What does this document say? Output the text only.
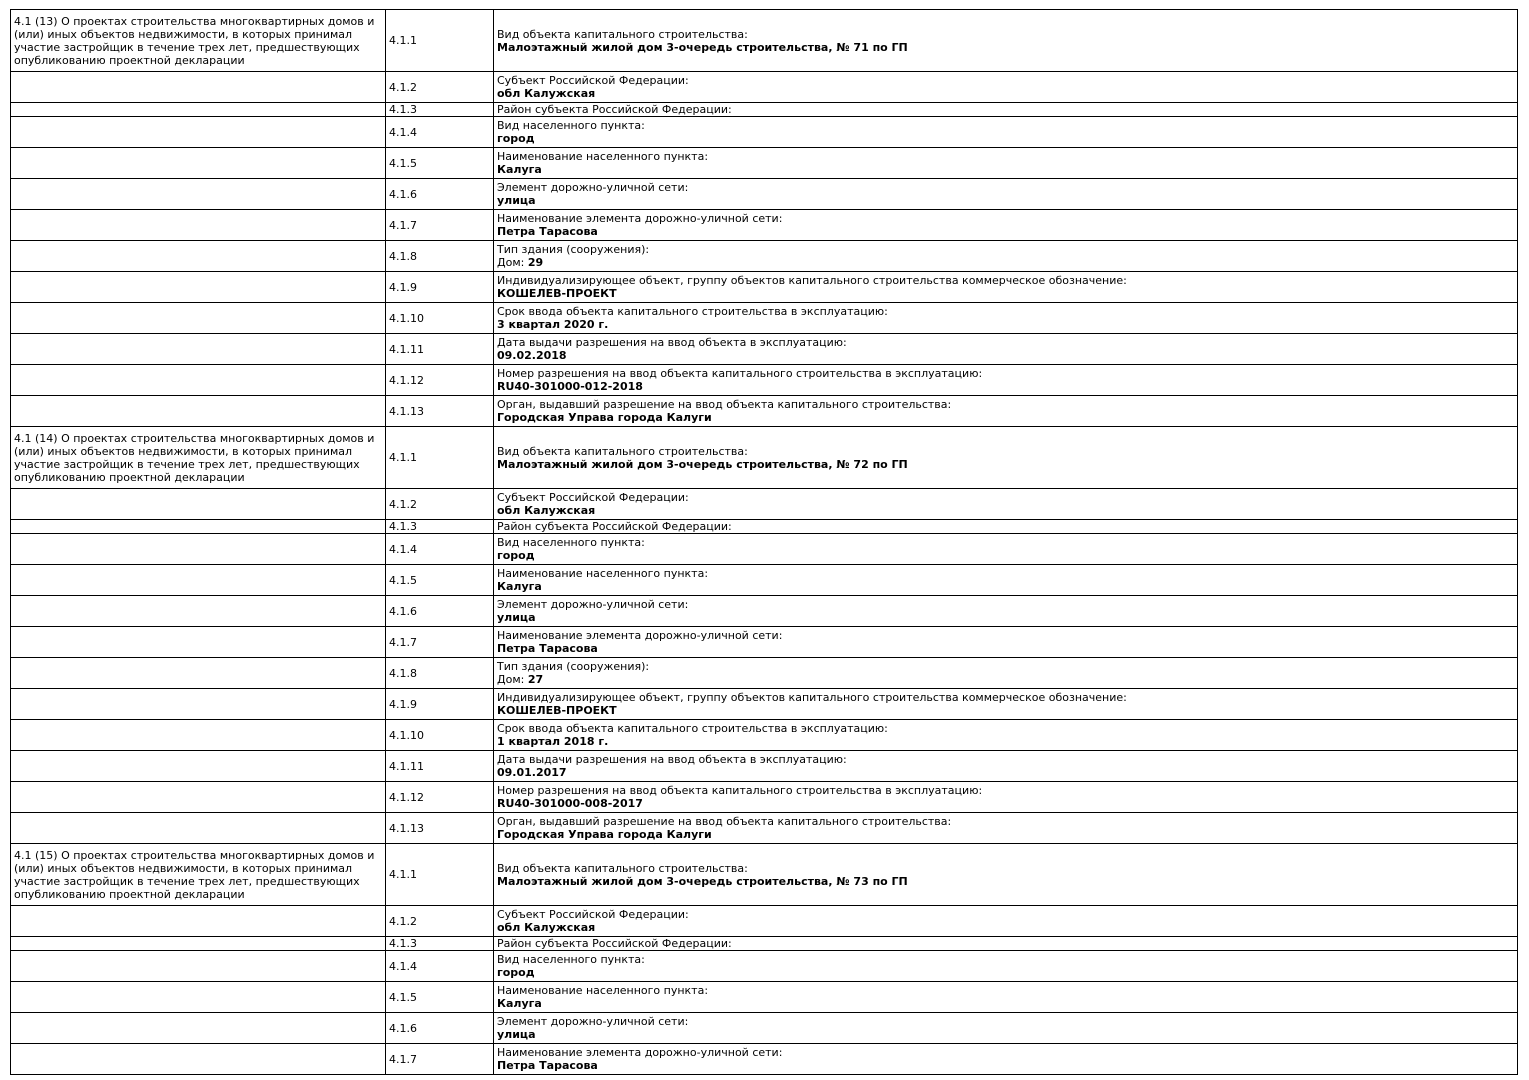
4.1 (13) О проектах строительства многоквартирных домов и (или) иных объектов недвижимости, в которых принимал участие застройщик в течение трех лет, предшествующих опубликованию проектной декларации	4.1.1	Вид объекта капитального строительства:
Малоэтажный жилой дом 3-очередь строительства, № 71 по ГП

	4.1.2	Субъект Российской Федерации:
обл Калужская

	4.1.3	Район субъекта Российской Федерации:

	4.1.4	Вид населенного пункта:
город

	4.1.5	Наименование населенного пункта:
Калуга

	4.1.6	Элемент дорожно-уличной сети:
улица

	4.1.7	Наименование элемента дорожно-уличной сети:
Петра Тарасова

	4.1.8	Тип здания (сооружения):
Дом: 29

	4.1.9	Индивидуализирующее объект, группу объектов капитального строительства коммерческое обозначение:
КОШЕЛЕВ-ПРОЕКТ

	4.1.10	Срок ввода объекта капитального строительства в эксплуатацию:
3 квартал 2020 г.

	4.1.11	Дата выдачи разрешения на ввод объекта в эксплуатацию:
09.02.2018

	4.1.12	Номер разрешения на ввод объекта капитального строительства в эксплуатацию:
RU40-301000-012-2018

	4.1.13	Орган, выдавший разрешение на ввод объекта капитального строительства:
Городская Управа города Калуги

4.1 (14) О проектах строительства многоквартирных домов и (или) иных объектов недвижимости, в которых принимал участие застройщик в течение трех лет, предшествующих опубликованию проектной декларации	4.1.1	Вид объекта капитального строительства:
Малоэтажный жилой дом 3-очередь строительства, № 72 по ГП

	4.1.2	Субъект Российской Федерации:
обл Калужская

	4.1.3	Район субъекта Российской Федерации:

	4.1.4	Вид населенного пункта:
город

	4.1.5	Наименование населенного пункта:
Калуга

	4.1.6	Элемент дорожно-уличной сети:
улица

	4.1.7	Наименование элемента дорожно-уличной сети:
Петра Тарасова

	4.1.8	Тип здания (сооружения):
Дом: 27

	4.1.9	Индивидуализирующее объект, группу объектов капитального строительства коммерческое обозначение:
КОШЕЛЕВ-ПРОЕКТ

	4.1.10	Срок ввода объекта капитального строительства в эксплуатацию:
1 квартал 2018 г.

	4.1.11	Дата выдачи разрешения на ввод объекта в эксплуатацию:
09.01.2017

	4.1.12	Номер разрешения на ввод объекта капитального строительства в эксплуатацию:
RU40-301000-008-2017

	4.1.13	Орган, выдавший разрешение на ввод объекта капитального строительства:
Городская Управа города Калуги

4.1 (15) О проектах строительства многоквартирных домов и (или) иных объектов недвижимости, в которых принимал участие застройщик в течение трех лет, предшествующих опубликованию проектной декларации	4.1.1	Вид объекта капитального строительства:
Малоэтажный жилой дом 3-очередь строительства, № 73 по ГП

	4.1.2	Субъект Российской Федерации:
обл Калужская

	4.1.3	Район субъекта Российской Федерации:

	4.1.4	Вид населенного пункта:
город

	4.1.5	Наименование населенного пункта:
Калуга

	4.1.6	Элемент дорожно-уличной сети:
улица

	4.1.7	Наименование элемента дорожно-уличной сети:
Петра Тарасова
